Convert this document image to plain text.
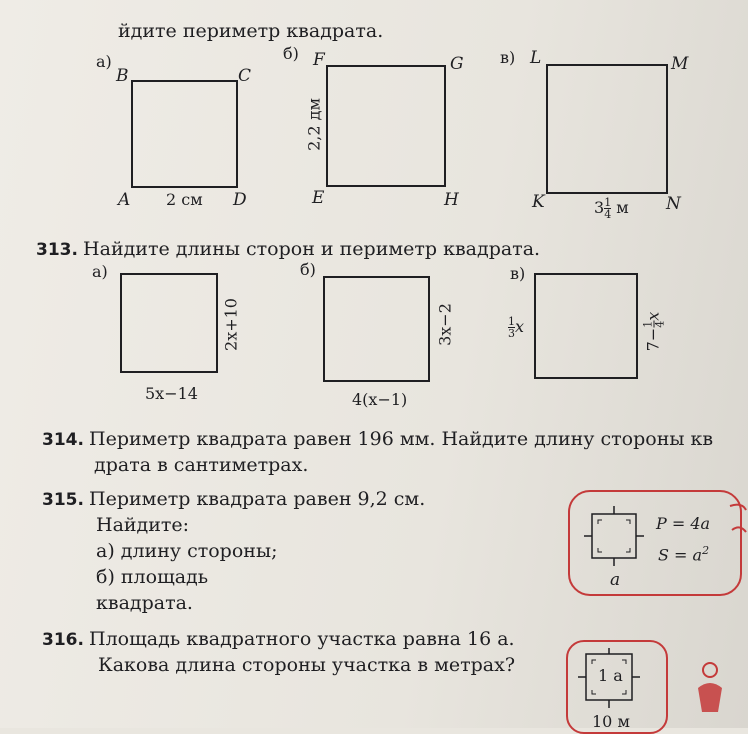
йдите периметр квадрата.
а)
B	C
A 2 см D
б) F	G
2,2 дм
E	H
в) L	M
K	$3 \frac{1}{4}$ м N
313. Найдите длины сторон и периметр квадрата.
а)
2x+10
5x−14
б)
3x−2
4(x−1)
в)
$\frac{1}{3}$ x
7−
1 4
x
314. Периметр квадрата равен 196 мм. Найдите длину стороны кв
драта в сантиметрах.
315. Периметр квадрата равен 9,2 см.
Найдите:
а) длину стороны;
б) площадь
квадрата.
a
P = 4a
$S = a^2$
316. Площадь квадратного участка равна 16 а.
Какова длина стороны участка в метрах?	1 а
10 м
